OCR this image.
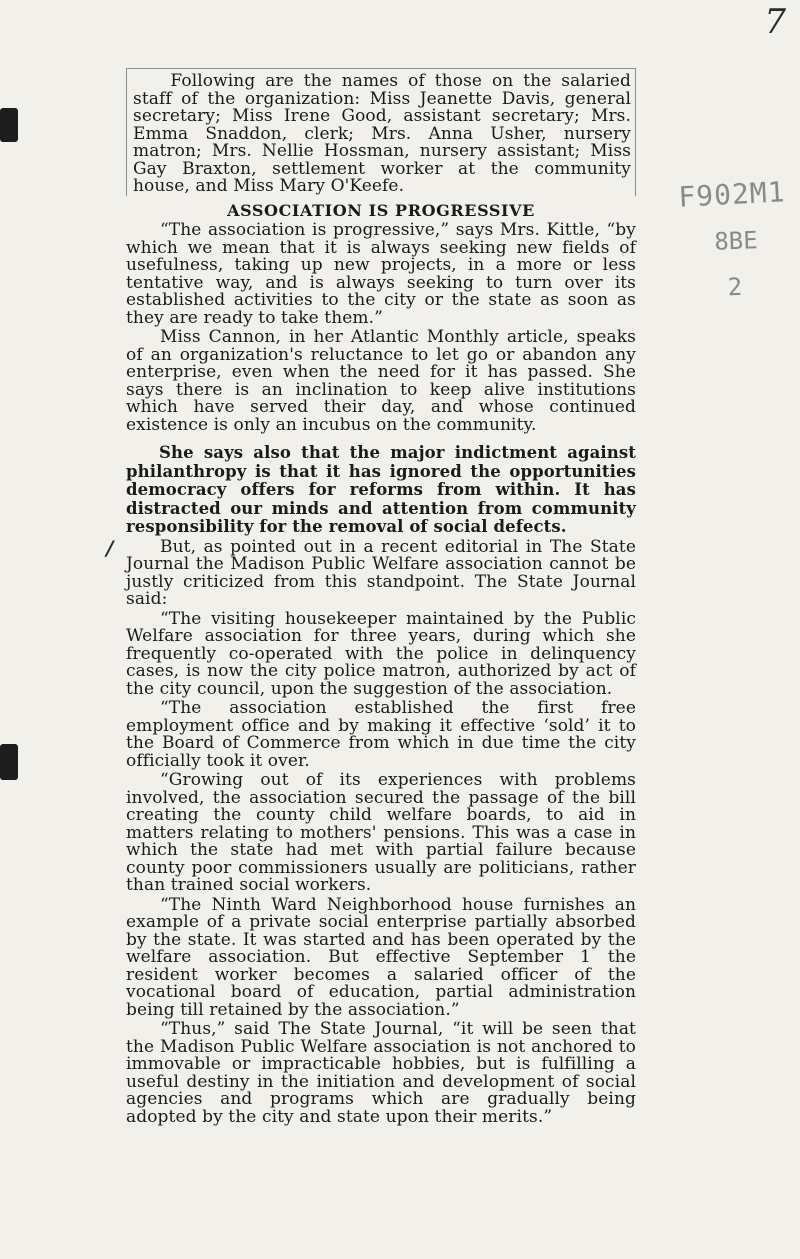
7
F902M1
8BE
2
/

Following are the names of those on the salaried staff of the organization: Miss Jeanette Davis, general secretary; Miss Irene Good, assistant secretary; Mrs. Emma Snaddon, clerk; Mrs. Anna Usher, nursery matron; Mrs. Nellie Hossman, nursery assistant; Miss Gay Braxton, settlement worker at the community house, and Miss Mary O'Keefe.

ASSOCIATION IS PROGRESSIVE

“The association is progressive,” says Mrs. Kittle, “by which we mean that it is always seeking new fields of usefulness, taking up new projects, in a more or less tentative way, and is always seeking to turn over its established activities to the city or the state as soon as they are ready to take them.”

Miss Cannon, in her Atlantic Monthly article, speaks of an organization's reluctance to let go or abandon any enterprise, even when the need for it has passed. She says there is an inclination to keep alive institutions which have served their day, and whose continued existence is only an incubus on the community.

She says also that the major indictment against philanthropy is that it has ignored the opportunities democracy offers for reforms from within. It has distracted our minds and attention from community responsibility for the removal of social defects.

But, as pointed out in a recent editorial in The State Journal the Madison Public Welfare association cannot be justly criticized from this standpoint. The State Journal said:

“The visiting housekeeper maintained by the Public Welfare association for three years, during which she frequently co-operated with the police in delinquency cases, is now the city police matron, authorized by act of the city council, upon the suggestion of the association.

“The association established the first free employment office and by making it effective ‘sold’ it to the Board of Commerce from which in due time the city officially took it over.

“Growing out of its experiences with problems involved, the association secured the passage of the bill creating the county child welfare boards, to aid in matters relating to mothers' pensions. This was a case in which the state had met with partial failure because county poor commissioners usually are politicians, rather than trained social workers.

“The Ninth Ward Neighborhood house furnishes an example of a private social enterprise partially absorbed by the state. It was started and has been operated by the welfare association. But effective September 1 the resident worker becomes a salaried officer of the vocational board of education, partial administration being till retained by the association.”

“Thus,” said The State Journal, “it will be seen that the Madison Public Welfare association is not anchored to immovable or impracticable hobbies, but is fulfilling a useful destiny in the initiation and development of social agencies and programs which are gradually being adopted by the city and state upon their merits.”
